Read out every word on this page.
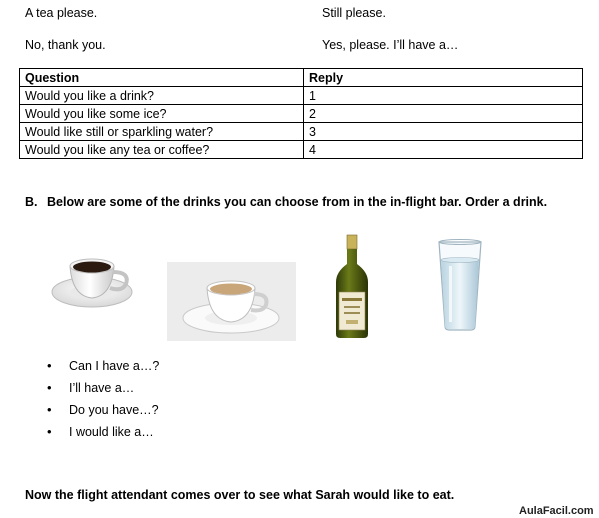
A tea please.	Still please.
No, thank you.	Yes, please. I’ll have a…
Question	Reply
Would you like a drink?	1
Would you like some ice?	2
Would like still or sparkling water?	3
Would you like any tea or coffee?	4
B. Below are some of the drinks you can choose from in the in-flight bar. Order a drink.
• Can I have a…?
• I’ll have a…
• Do you have…?
• I would like a…
Now the flight attendant comes over to see what Sarah would like to eat.
AulaFacil.com
